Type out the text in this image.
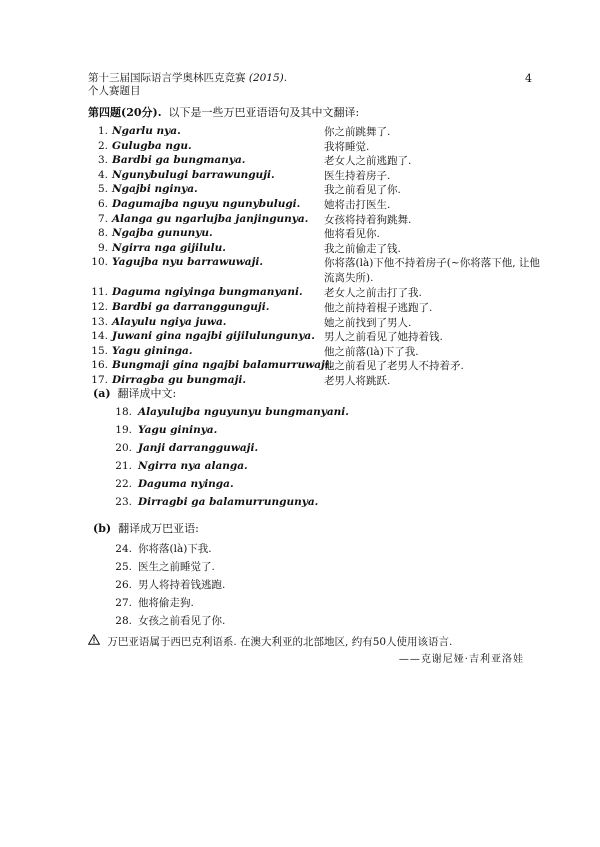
第十三届国际语言学奥林匹克竞赛 (2015).
个人赛题目
4
第四题(20分). 以下是一些万巴亚语语句及其中文翻译:
1. Ngarlu nya.	你之前跳舞了.
2. Gulugba ngu.	我将睡觉.
3. Bardbi ga bungmanya.	老女人之前逃跑了.
4. Ngunybulugi barrawunguji.	医生持着房子.
5. Ngajbi nginya.	我之前看见了你.
6. Dagumajba nguyu ngunybulugi. 她将击打医生.
7. Alanga gu ngarlujba janjingunya. 女孩将持着狗跳舞.
8. Ngajba gununyu.	他将看见你.
9. Ngirra nga gijilulu.	我之前偷走了钱.
10. Yagujba nyu barrawuwaji.	你将落(là)下他不持着房子(~你将落下他, 让他流离失所).
11. Daguma ngiyinga bungmanyani. 老女人之前击打了我.
12. Bardbi ga darranggunguji.	他之前持着棍子逃跑了.
13. Alayulu ngiya juwa.	她之前找到了男人.
14. Juwani gina ngajbi gijilulungunya. 男人之前看见了她持着钱.
15. Yagu gininga.	他之前落(là)下了我.
16. Bungmaji gina ngajbi balamurruwaji.
他之前看见了老男人不持着矛.
17. Dirragba gu bungmaji.	老男人将跳跃.
(a) 翻译成中文:
18. Alayulujba nguyunyu bungmanyani.
19. Yagu gininya.
20. Janji darrangguwaji.
21. Ngirra nya alanga.
22. Daguma nyinga.
23. Dirragbi ga balamurrungunya.
(b) 翻译成万巴亚语:
24. 你将落(là)下我.
25. 医生之前睡觉了.
26. 男人将持着钱逃跑.
27. 他将偷走狗.
28. 女孩之前看见了你.
万巴亚语属于西巴克利语系. 在澳大利亚的北部地区, 约有50人使用该语言.
——克谢尼娅·吉利亚洛娃
